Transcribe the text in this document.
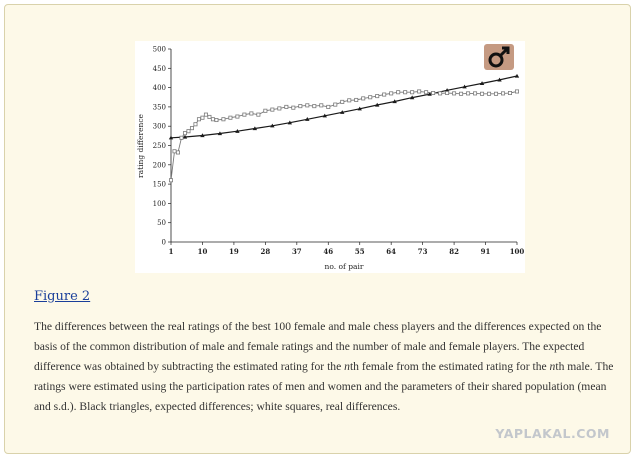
0
50
100
150
200
250
300
350
400
450
500
1	10	19	28	37	46	55	64	73	82	91	100
rating difference
no. of pair
Figure 2

The differences between the real ratings of the best 100 female and male chess players and the differences expected on the basis of the common distribution of male and female ratings and the number of male and female players. The expected difference was obtained by subtracting the estimated rating for the nth female from the estimated rating for the nth male. The ratings were estimated using the participation rates of men and women and the parameters of their shared population (mean and s.d.). Black triangles, expected differences; white squares, real differences.

YAPLAKAL.COM
